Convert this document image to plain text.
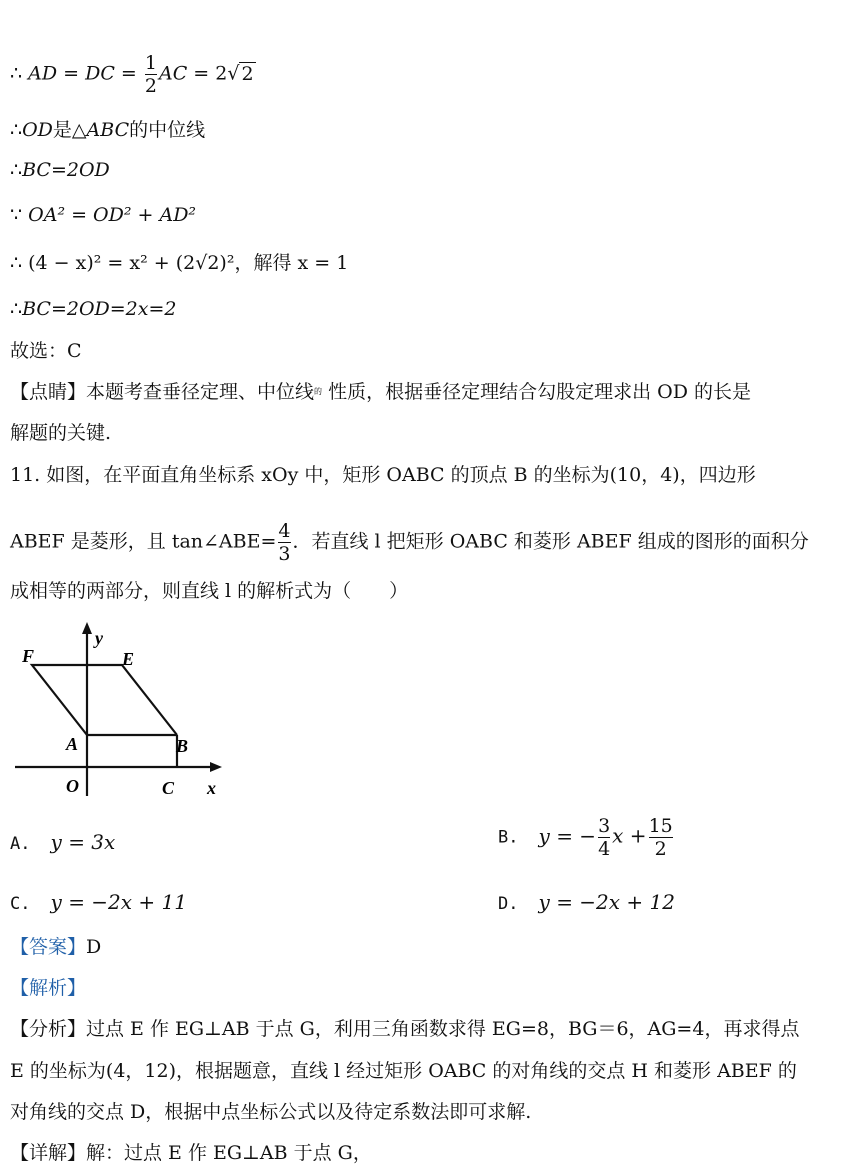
∴ AD = DC = $\frac{1}{2}$ AC = 2√ 2
∴OD是△ABC的中位线
∴BC=2OD
∵ OA² = OD² + AD²
∴ (4 − x)² = x² + (2√2)²，解得 x = 1
∴BC=2OD=2x=2
故选：C
【点睛】本题考查垂径定理、中位线$^的$ 性质，根据垂径定理结合勾股定理求出 OD 的长是
解题的关键.
11. 如图，在平面直角坐标系 xOy 中，矩形 OABC 的顶点 B 的坐标为(10，4)，四边形
ABEF 是菱形，且 tan∠ABE= $\frac{4}{3}$ ．若直线 l 把矩形 OABC 和菱形 ABEF 组成的图形的面积分
成相等的两部分，则直线 l 的解析式为（　　）
y
F	E
A	B
O	C x
A. y = 3x	B. y = − $\frac{3}{4}$ $x + \frac{15}{2}$
C. y = −2x + 11	D. y = −2x + 12
【答案】D
【解析】
【分析】过点 E 作 EG⊥AB 于点 G，利用三角函数求得 EG=8，BG＝6，AG=4，再求得点
E 的坐标为(4，12)，根据题意，直线 l 经过矩形 OABC 的对角线的交点 H 和菱形 ABEF 的
对角线的交点 D，根据中点坐标公式以及待定系数法即可求解.
【详解】解：过点 E 作 EG⊥AB 于点 G，
